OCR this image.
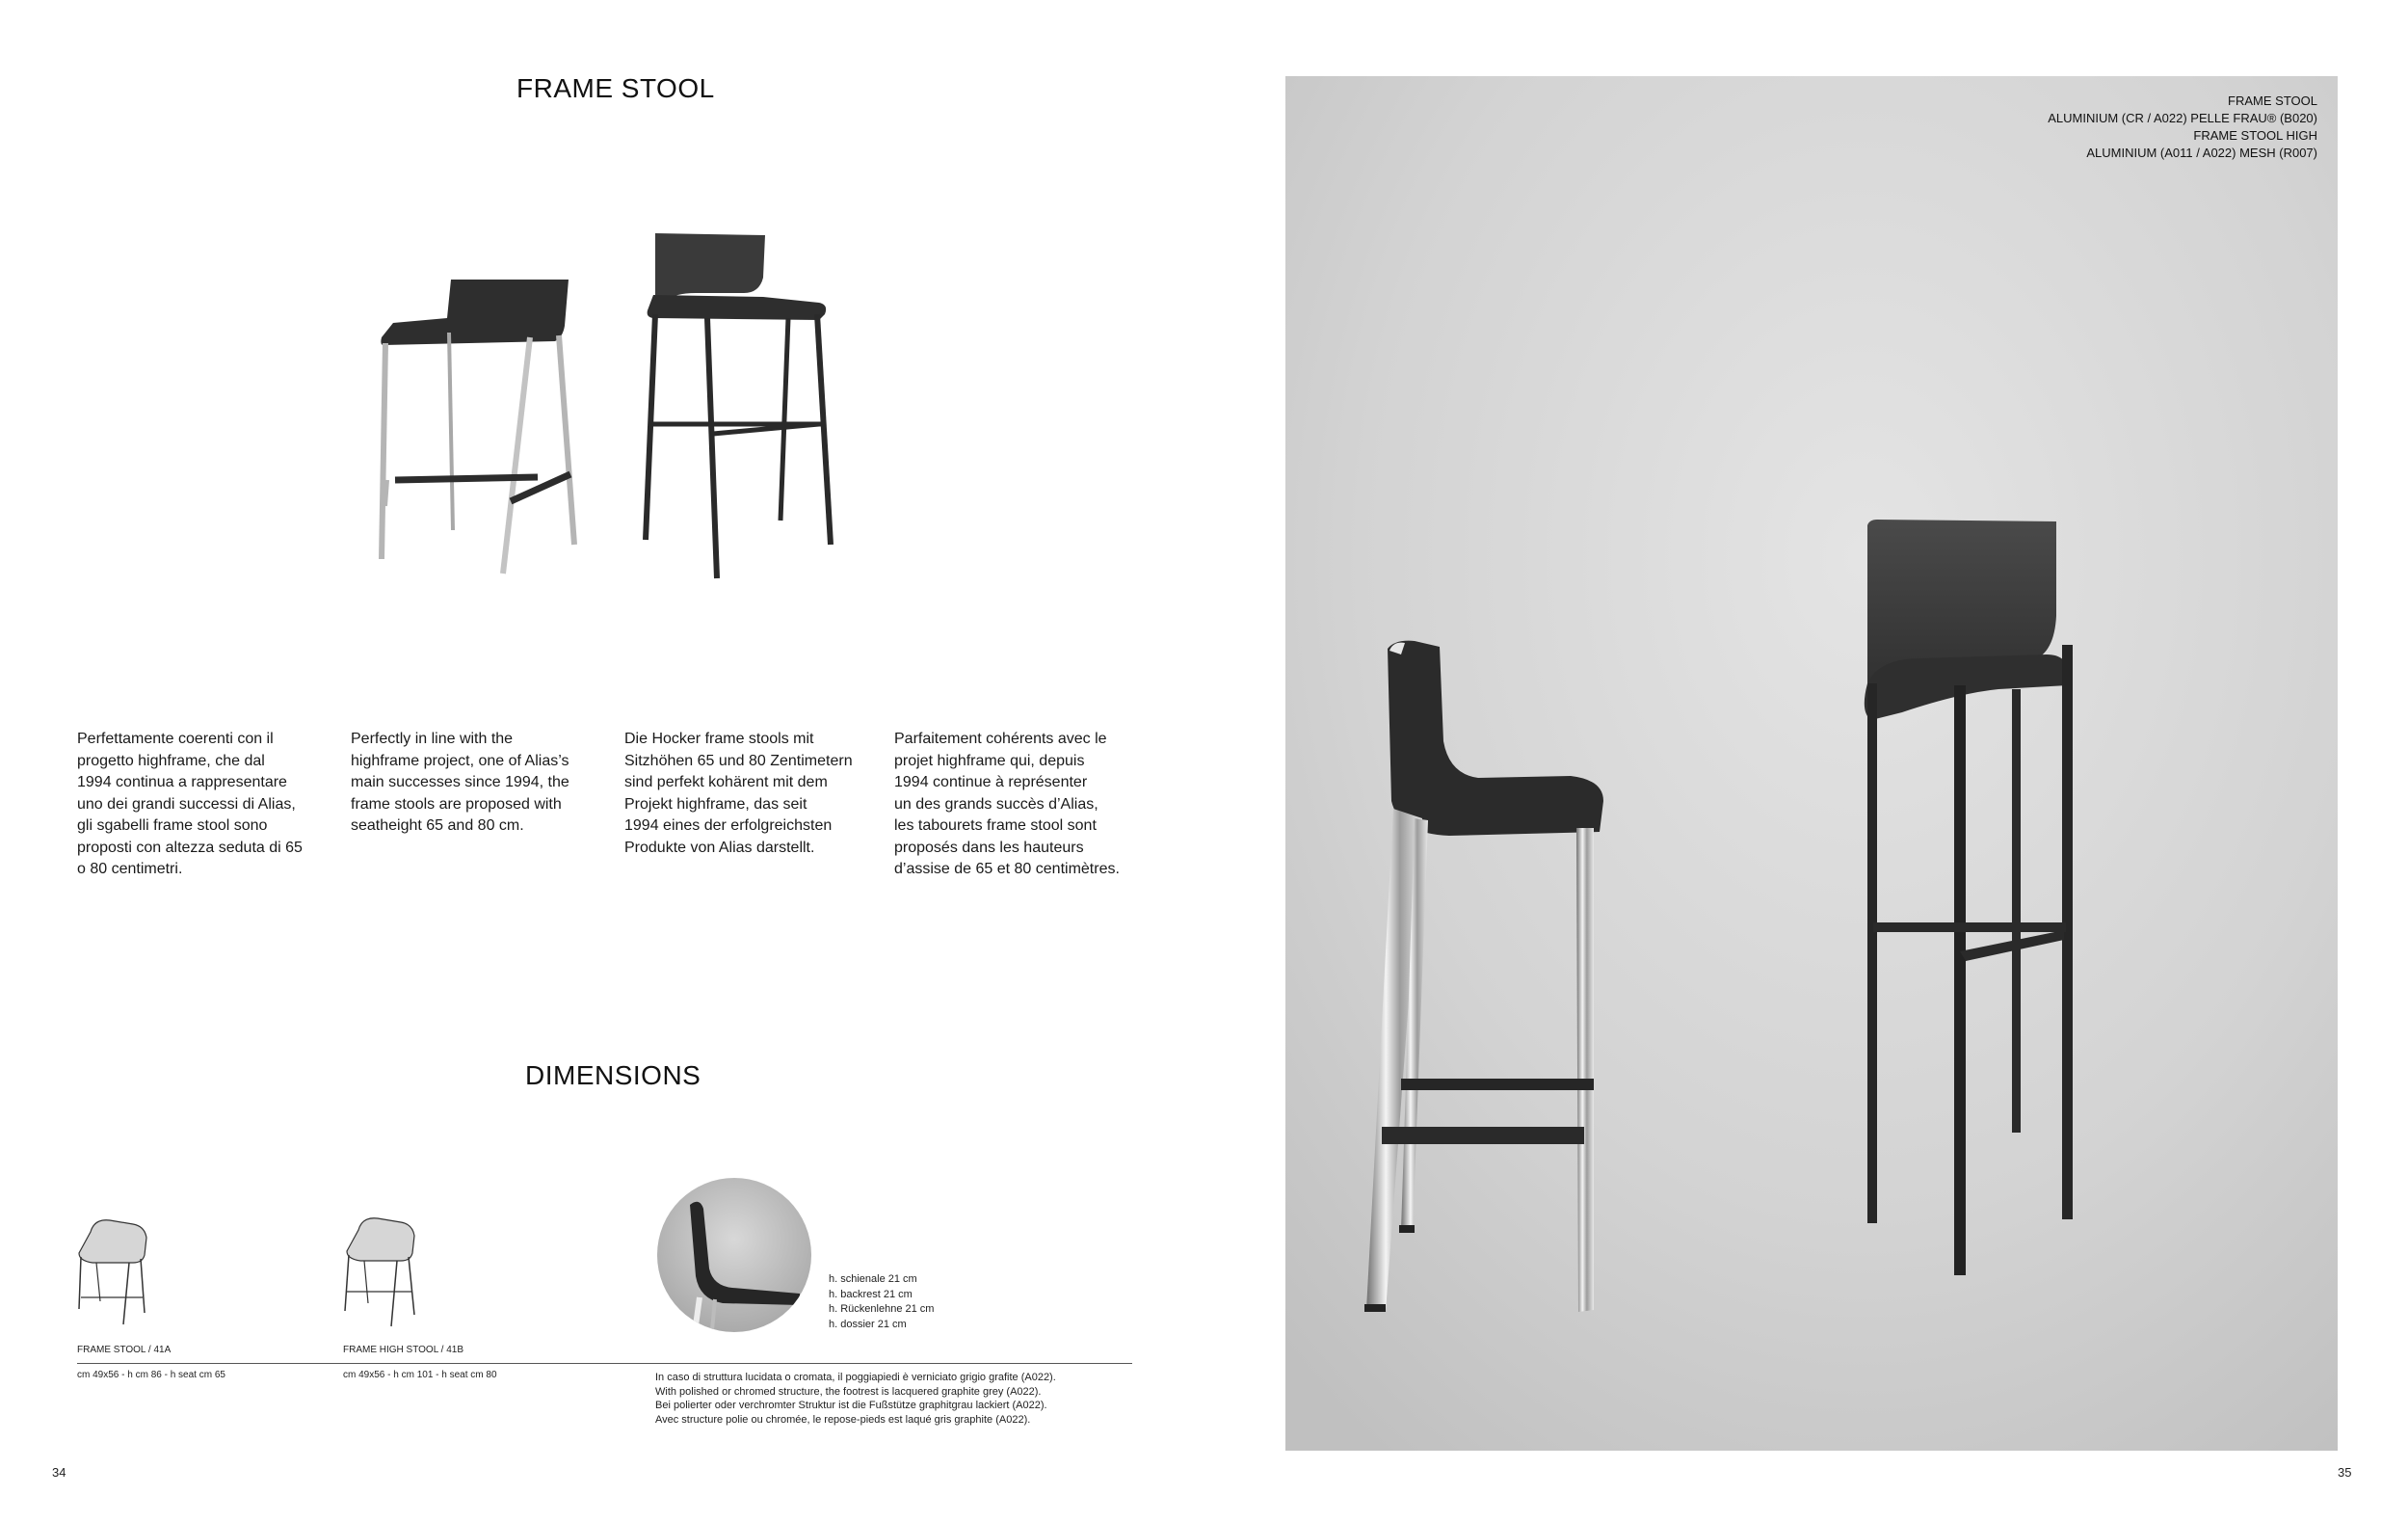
FRAME STOOL
Perfettamente coerenti con il
progetto highframe, che dal
1994 continua a rappresentare
uno dei grandi successi di Alias,
gli sgabelli frame stool sono
proposti con altezza seduta di 65
o 80 centimetri.
Perfectly in line with the
highframe project, one of Alias’s
main successes since 1994, the
frame stools are proposed with
seatheight 65 and 80 cm.
Die Hocker frame stools mit
Sitzhöhen 65 und 80 Zentimetern
sind perfekt kohärent mit dem
Projekt highframe, das seit
1994 eines der erfolgreichsten
Produkte von Alias darstellt.
Parfaitement cohérents avec le
projet highframe qui, depuis
1994 continue à représenter
un des grands succès d’Alias,
les tabourets frame stool sont
proposés dans les hauteurs
d’assise de 65 et 80 centimètres.
DIMENSIONS
FRAME STOOL / 41A	FRAME HIGH STOOL / 41B
cm 49x56 - h cm 86 - h seat cm 65	cm 49x56 - h cm 101 - h seat cm 80
h. schienale 21 cm
h. backrest 21 cm
h. Rückenlehne 21 cm
h. dossier 21 cm
In caso di struttura lucidata o cromata, il poggiapiedi è verniciato grigio grafite (A022).
With polished or chromed structure, the footrest is lacquered graphite grey (A022).
Bei polierter oder verchromter Struktur ist die Fußstütze graphitgrau lackiert (A022).
Avec structure polie ou chromée, le repose-pieds est laqué gris graphite (A022).
34
FRAME STOOL
ALUMINIUM (CR / A022) PELLE FRAU® (B020)
FRAME STOOL HIGH
ALUMINIUM (A011 / A022) MESH (R007)
35
